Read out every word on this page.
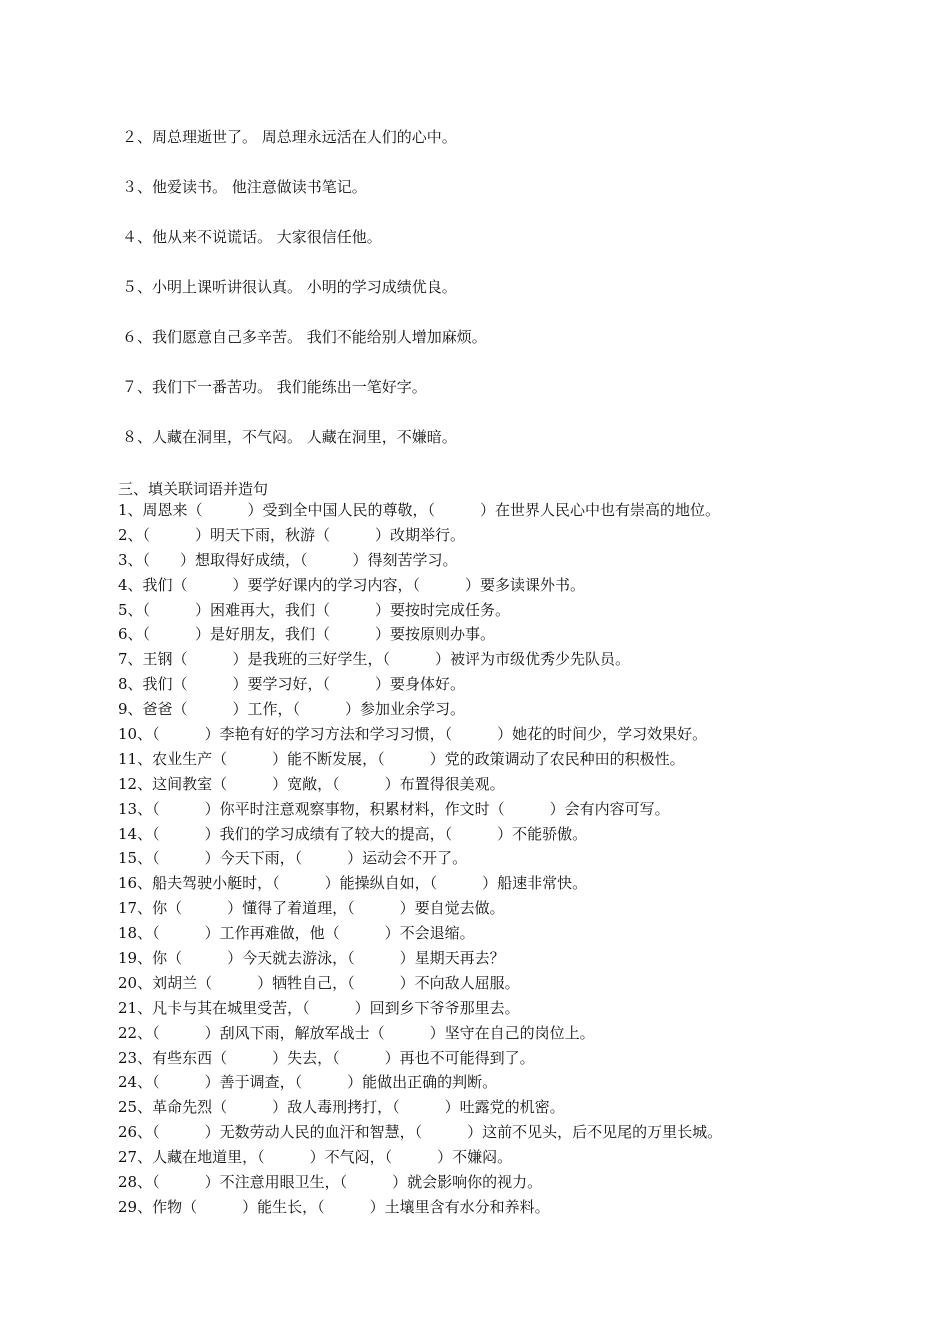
２、周总理逝世了。 周总理永远活在人们的心中。
３、他爱读书。 他注意做读书笔记。
４、他从来不说谎话。 大家很信任他。
５、小明上课听讲很认真。 小明的学习成绩优良。
６、我们愿意自己多辛苦。 我们不能给别人增加麻烦。
７、我们下一番苦功。 我们能练出一笔好字。
８、人藏在洞里，不气闷。 人藏在洞里，不嫌暗。
三、填关联词语并造句
1、周恩来（　　　）受到全中国人民的尊敬，（　　　）在世界人民心中也有崇高的地位。
2、（　　　）明天下雨，秋游（　　　）改期举行。
3、（　　）想取得好成绩，（　　　）得刻苦学习。
4、我们（　　　）要学好课内的学习内容，（　　　）要多读课外书。
5、（　　　）困难再大，我们（　　　）要按时完成任务。
6、（　　　）是好朋友，我们（　　　）要按原则办事。
7、王钢（　　　）是我班的三好学生，（　　　）被评为市级优秀少先队员。
8、我们（　　　）要学习好，（　　　）要身体好。
9、爸爸（　　　）工作，（　　　）参加业余学习。
10、（　　　）李艳有好的学习方法和学习习惯，（　　　）她花的时间少，学习效果好。
11、农业生产（　　　）能不断发展，（　　　）党的政策调动了农民种田的积极性。
12、这间教室（　　　）宽敞，（　　　）布置得很美观。
13、（　　　）你平时注意观察事物，积累材料，作文时（　　　）会有内容可写。
14、（　　　）我们的学习成绩有了较大的提高，（　　　）不能骄傲。
15、（　　　）今天下雨，（　　　）运动会不开了。
16、船夫驾驶小艇时，（　　　）能操纵自如，（　　　）船速非常快。
17、你（　　　）懂得了着道理，（　　　）要自觉去做。
18、（　　　）工作再难做，他（　　　）不会退缩。
19、你（　　　）今天就去游泳，（　　　）星期天再去？
20、刘胡兰（　　　）牺牲自己，（　　　）不向敌人屈服。
21、凡卡与其在城里受苦，（　　　）回到乡下爷爷那里去。
22、（　　　）刮风下雨，解放军战士（　　　）坚守在自己的岗位上。
23、有些东西（　　　）失去，（　　　）再也不可能得到了。
24、（　　　）善于调查，（　　　）能做出正确的判断。
25、革命先烈（　　　）敌人毒刑拷打，（　　　）吐露党的机密。
26、（　　　）无数劳动人民的血汗和智慧，（　　　）这前不见头，后不见尾的万里长城。
27、人藏在地道里，（　　　）不气闷，（　　　）不嫌闷。
28、（　　　）不注意用眼卫生，（　　　）就会影响你的视力。
29、作物（　　　）能生长，（　　　）土壤里含有水分和养料。
